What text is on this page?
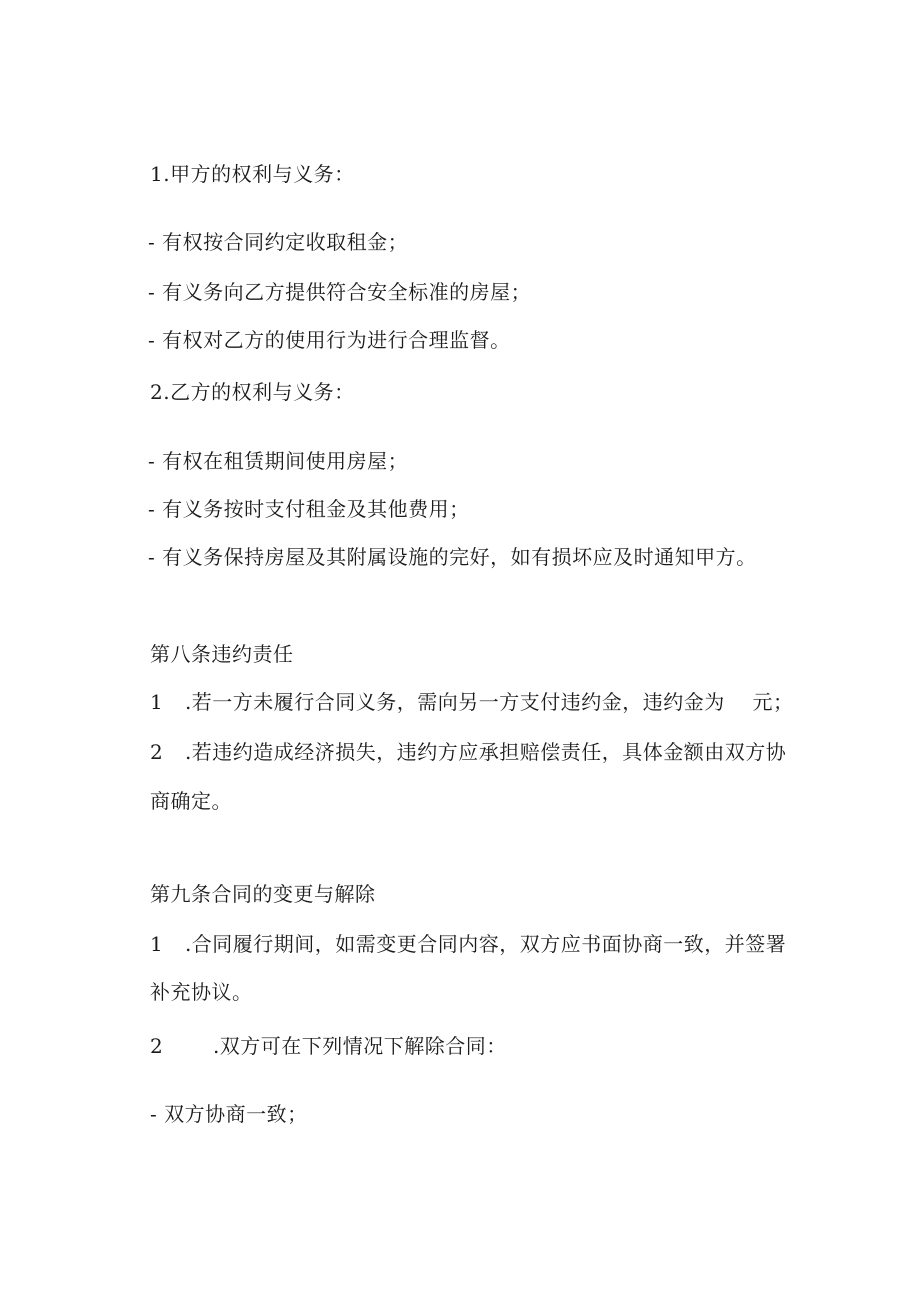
1.甲方的权利与义务：
- 有权按合同约定收取租金；
- 有义务向乙方提供符合安全标准的房屋；
- 有权对乙方的使用行为进行合理监督。
2.乙方的权利与义务：
- 有权在租赁期间使用房屋；
- 有义务按时支付租金及其他费用；
- 有义务保持房屋及其附属设施的完好，如有损坏应及时通知甲方。
第八条违约责任
1 .若一方未履行合同义务，需向另一方支付违约金，违约金为 元；
2 .若违约造成经济损失，违约方应承担赔偿责任，具体金额由双方协
商确定。
第九条合同的变更与解除
1 .合同履行期间，如需变更合同内容，双方应书面协商一致，并签署
补充协议。
2 .双方可在下列情况下解除合同：
- 双方协商一致；
